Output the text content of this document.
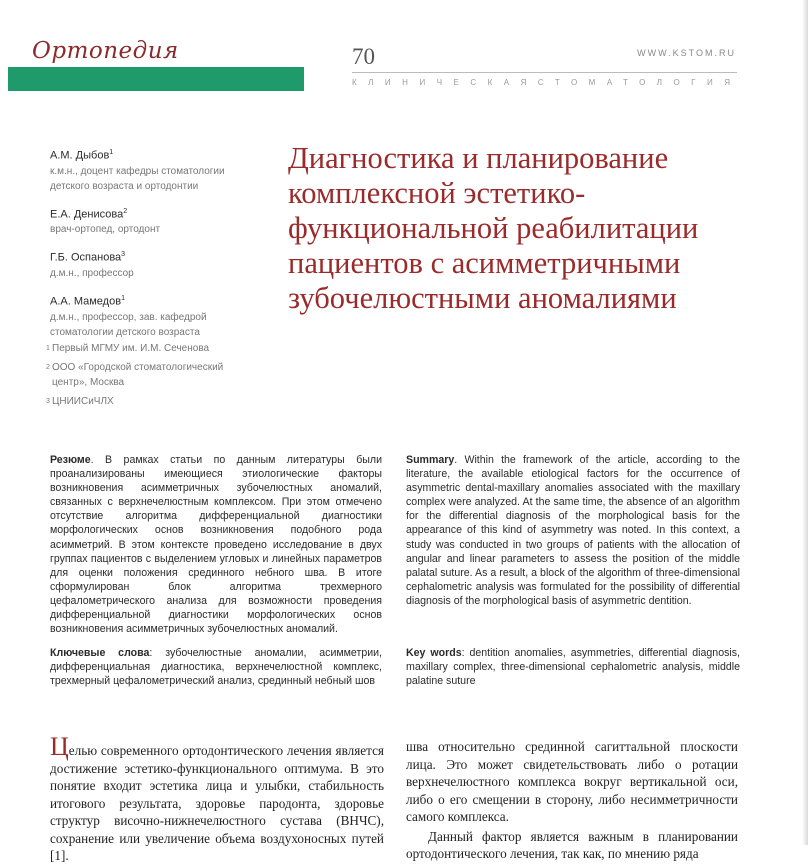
Ортопедия	70	WWW.KSTOM.RU
КЛИНИЧЕСКАЯ СТОМАТОЛОГИЯ
А.М. Дыбов$^1$
к.м.н., доцент кафедры стоматологии детского возраста и ортодонтии
Е.А. Денисова$^2$
врач-ортопед, ортодонт
Г.Б. Оспанова$^3$
д.м.н., профессор
А.А. Мамедов$^1$
д.м.н., профессор, зав. кафедрой стоматологии детского возраста
1 Первый МГМУ им. И.М. Сеченова
2 ООО «Городской стоматологический центр», Москва
3 ЦНИИСиЧЛХ
Диагностика и планирование комплексной эстетико-функциональной реабилитации пациентов с асимметричными зубочелюстными аномалиями
Резюме. В рамках статьи по данным литературы были проанализированы имеющиеся этиологические факторы возникновения асимметричных зубочелюстных аномалий, связанных с верхнечелюстным комплексом. При этом отмечено отсутствие алгоритма дифференциальной диагностики морфологических основ возникновения подобного рода асимметрий. В этом контексте проведено исследование в двух группах пациентов с выделением угловых и линейных параметров для оценки положения срединного небного шва. В итоге сформулирован блок алгоритма трехмерного цефалометрического анализа для возможности проведения дифференциальной диагностики морфологических основ возникновения асимметричных зубочелюстных аномалий.
Ключевые слова: зубочелюстные аномалии, асимметрии, дифференциальная диагностика, верхнечелюстной комплекс, трехмерный цефалометрический анализ, срединный небный шов
Summary. Within the framework of the article, according to the literature, the available etiological factors for the occurrence of asymmetric dental-maxillary anomalies associated with the maxillary complex were analyzed. At the same time, the absence of an algorithm for the differential diagnosis of the morphological basis for the appearance of this kind of asymmetry was noted. In this context, a study was conducted in two groups of patients with the allocation of angular and linear parameters to assess the position of the middle palatal suture. As a result, a block of the algorithm of three-dimensional cephalometric analysis was formulated for the possibility of differential diagnosis of the morphological basis of asymmetric dentition.
Key words: dentition anomalies, asymmetries, differential diagnosis, maxillary complex, three-dimensional cephalometric analysis, middle palatine suture
Целью современного ортодонтического лечения является достижение эстетико-функционального оптимума. В это понятие входит эстетика лица и улыбки, стабильность итогового результата, здоровье пародонта, здоровье структур височно-нижнечелюстного сустава (ВНЧС), сохранение или увеличение объема воздухоносных путей [1].
шва относительно срединной сагиттальной плоскости лица. Это может свидетельствовать либо о ротации верхнечелюстного комплекса вокруг вертикальной оси, либо о его смещении в сторону, либо несимметричности самого комплекса.
Данный фактор является важным в планировании ортодонтического лечения, так как, по мнению ряда
